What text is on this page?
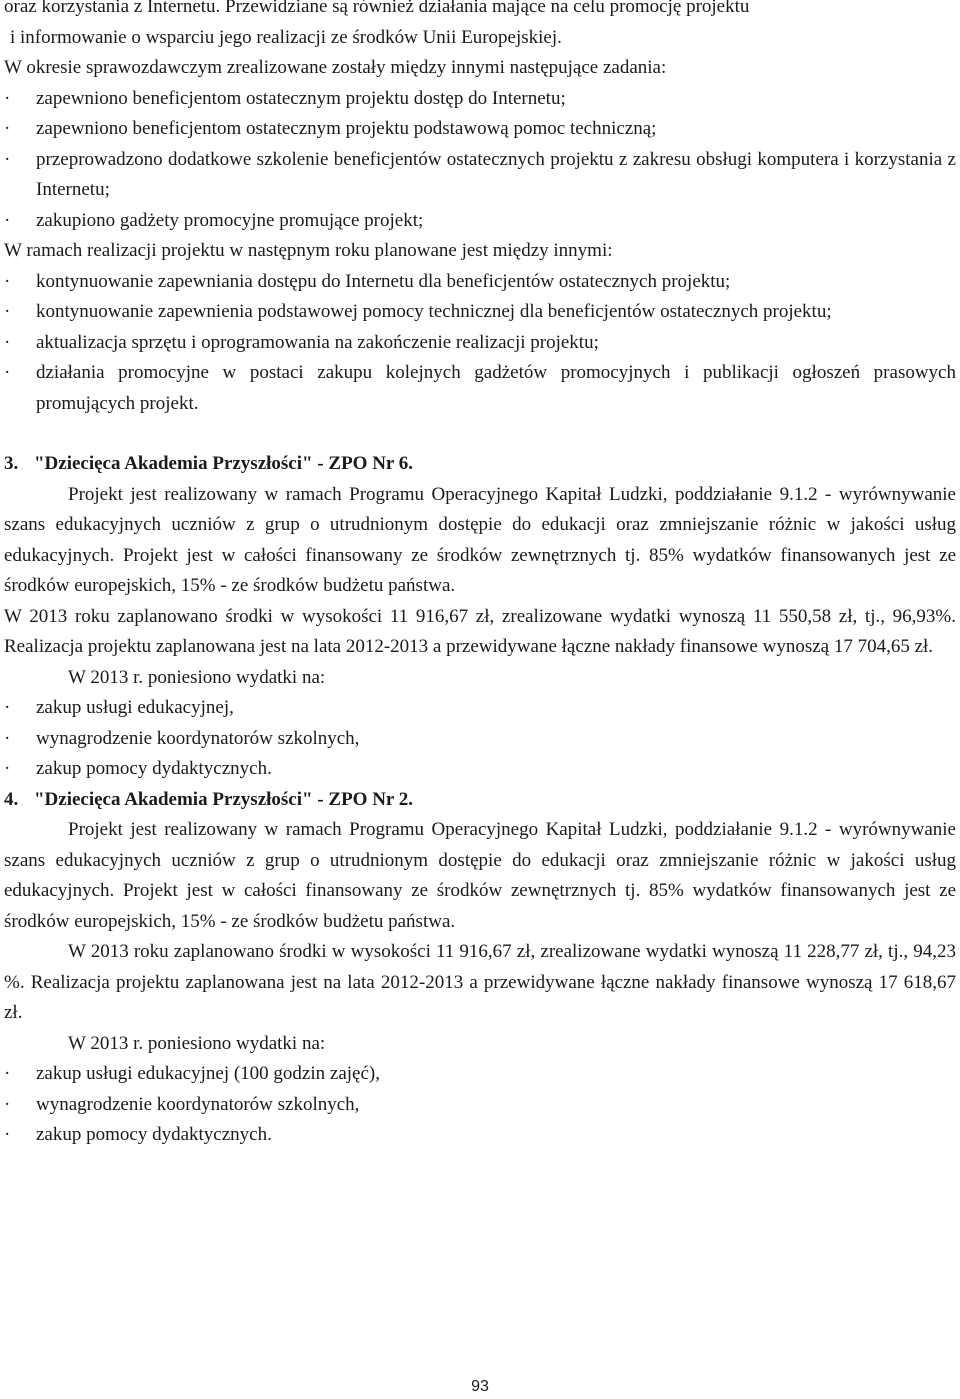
oraz korzystania z Internetu. Przewidziane są również działania mające na celu promocję projektu

i informowanie o wsparciu jego realizacji ze środków Unii Europejskiej.

W okresie sprawozdawczym zrealizowane zostały między innymi następujące zadania:

· zapewniono beneficjentom ostatecznym projektu dostęp do Internetu;
· zapewniono beneficjentom ostatecznym projektu podstawową pomoc techniczną;
· przeprowadzono dodatkowe szkolenie beneficjentów ostatecznych projektu z zakresu obsługi komputera i korzystania z Internetu;
· zakupiono gadżety promocyjne promujące projekt;

W ramach realizacji projektu w następnym roku planowane jest między innymi:

· kontynuowanie zapewniania dostępu do Internetu dla beneficjentów ostatecznych projektu;
· kontynuowanie zapewnienia podstawowej pomocy technicznej dla beneficjentów ostatecznych projektu;
· aktualizacja sprzętu i oprogramowania na zakończenie realizacji projektu;
· działania promocyjne w postaci zakupu kolejnych gadżetów promocyjnych i publikacji ogłoszeń prasowych promujących projekt.
3. "Dziecięca Akademia Przyszłości" - ZPO Nr 6.

Projekt jest realizowany w ramach Programu Operacyjnego Kapitał Ludzki, poddziałanie 9.1.2 - wyrównywanie szans edukacyjnych uczniów z grup o utrudnionym dostępie do edukacji oraz zmniejszanie różnic w jakości usług edukacyjnych. Projekt jest w całości finansowany ze środków zewnętrznych tj. 85% wydatków finansowanych jest ze środków europejskich, 15% - ze środków budżetu państwa.

W 2013 roku zaplanowano środki w wysokości 11 916,67 zł, zrealizowane wydatki wynoszą 11 550,58 zł, tj., 96,93%. Realizacja projektu zaplanowana jest na lata 2012-2013 a przewidywane łączne nakłady finansowe wynoszą 17 704,65 zł.

W 2013 r. poniesiono wydatki na:

· zakup usługi edukacyjnej,
· wynagrodzenie koordynatorów szkolnych,
· zakup pomocy dydaktycznych.
4. "Dziecięca Akademia Przyszłości" - ZPO Nr 2.

Projekt jest realizowany w ramach Programu Operacyjnego Kapitał Ludzki, poddziałanie 9.1.2 - wyrównywanie szans edukacyjnych uczniów z grup o utrudnionym dostępie do edukacji oraz zmniejszanie różnic w jakości usług edukacyjnych. Projekt jest w całości finansowany ze środków zewnętrznych tj. 85% wydatków finansowanych jest ze środków europejskich, 15% - ze środków budżetu państwa.

W 2013 roku zaplanowano środki w wysokości 11 916,67 zł, zrealizowane wydatki wynoszą 11 228,77 zł, tj., 94,23 %. Realizacja projektu zaplanowana jest na lata 2012-2013 a przewidywane łączne nakłady finansowe wynoszą 17 618,67 zł.

W 2013 r. poniesiono wydatki na:

· zakup usługi edukacyjnej (100 godzin zajęć),
· wynagrodzenie koordynatorów szkolnych,
· zakup pomocy dydaktycznych.
93
